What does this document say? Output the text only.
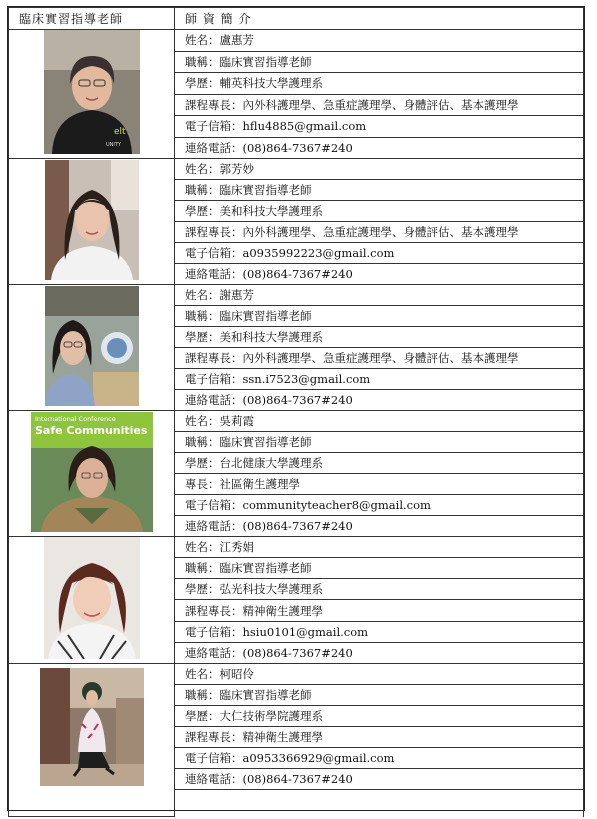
臨床實習指導老師	師 資 簡 介

elt
UNITY	姓名：盧惠芳
	職稱：臨床實習指導老師
	學歷：輔英科技大學護理系
	課程專長：內外科護理學、急重症護理學、身體評估、基本護理學
	電子信箱：hflu4885@gmail.com
	連絡電話：(08)864-7367#240

	姓名：郭芳妙
	職稱：臨床實習指導老師
	學歷：美和科技大學護理系
	課程專長：內外科護理學、急重症護理學、身體評估、基本護理學
	電子信箱：a0935992223@gmail.com
	連絡電話：(08)864-7367#240

	姓名：謝惠芳
	職稱：臨床實習指導老師
	學歷：美和科技大學護理系
	課程專長：內外科護理學、急重症護理學、身體評估、基本護理學
	電子信箱：ssn.i7523@gmail.com
	連絡電話：(08)864-7367#240

International Conference
Safe Communities	姓名：吳莉霞
	職稱：臨床實習指導老師
	學歷：台北健康大學護理系
	專長：社區衛生護理學
	電子信箱：communityteacher8@gmail.com
	連絡電話：(08)864-7367#240

	姓名：江秀娟
	職稱：臨床實習指導老師
	學歷：弘光科技大學護理系
	課程專長：精神衛生護理學
	電子信箱：hsiu0101@gmail.com
	連絡電話：(08)864-7367#240

	姓名：柯昭伶
	職稱：臨床實習指導老師
	學歷：大仁技術學院護理系
	課程專長：精神衛生護理學
	電子信箱：a0953366929@gmail.com
	連絡電話：(08)864-7367#240
